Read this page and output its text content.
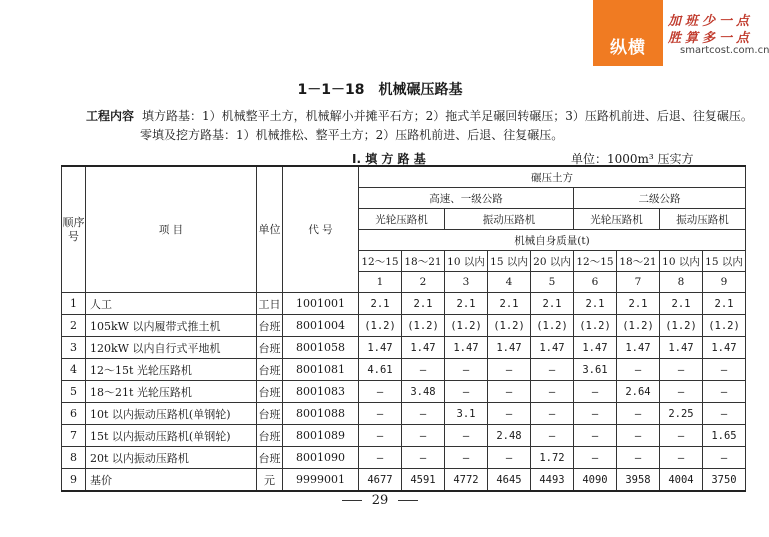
纵横
加班少一点
胜算多一点
smartcost.com.cn
1－1－18 机械碾压路基
工程内容 填方路基：1）机械整平土方，机械解小并摊平石方；2）拖式羊足碾回转碾压；3）压路机前进、后退、往复碾压。
零填及挖方路基：1）机械推松、整平土方；2）压路机前进、后退、往复碾压。
I. 填 方 路 基	单位：1000m³ 压实方
顺序号	项 目	单位	代 号	碾压土方								
				高速、一级公路					二级公路			
				光轮压路机		振动压路机			光轮压路机		振动压路机	
				机械自身质量(t)								
				12～15	18～21	10 以内	15 以内	20 以内	12～15	18～21	10 以内	15 以内
				1	2	3	4	5	6	7	8	9
1	人工	工日	1001001	2.1	2.1	2.1	2.1	2.1	2.1	2.1	2.1	2.1
2	105kW 以内履带式推土机	台班	8001004	(1.2)	(1.2)	(1.2)	(1.2)	(1.2)	(1.2)	(1.2)	(1.2)	(1.2)
3	120kW 以内自行式平地机	台班	8001058	1.47	1.47	1.47	1.47	1.47	1.47	1.47	1.47	1.47
4	12～15t 光轮压路机	台班	8001081	4.61	–	–	–	–	3.61	–	–	–
5	18～21t 光轮压路机	台班	8001083	–	3.48	–	–	–	–	2.64	–	–
6	10t 以内振动压路机(单钢轮)	台班	8001088	–	–	3.1	–	–	–	–	2.25	–
7	15t 以内振动压路机(单钢轮)	台班	8001089	–	–	–	2.48	–	–	–	–	1.65
8	20t 以内振动压路机	台班	8001090	–	–	–	–	1.72	–	–	–	–
9	基价	元	9999001	4677	4591	4772	4645	4493	4090	3958	4004	3750
29
